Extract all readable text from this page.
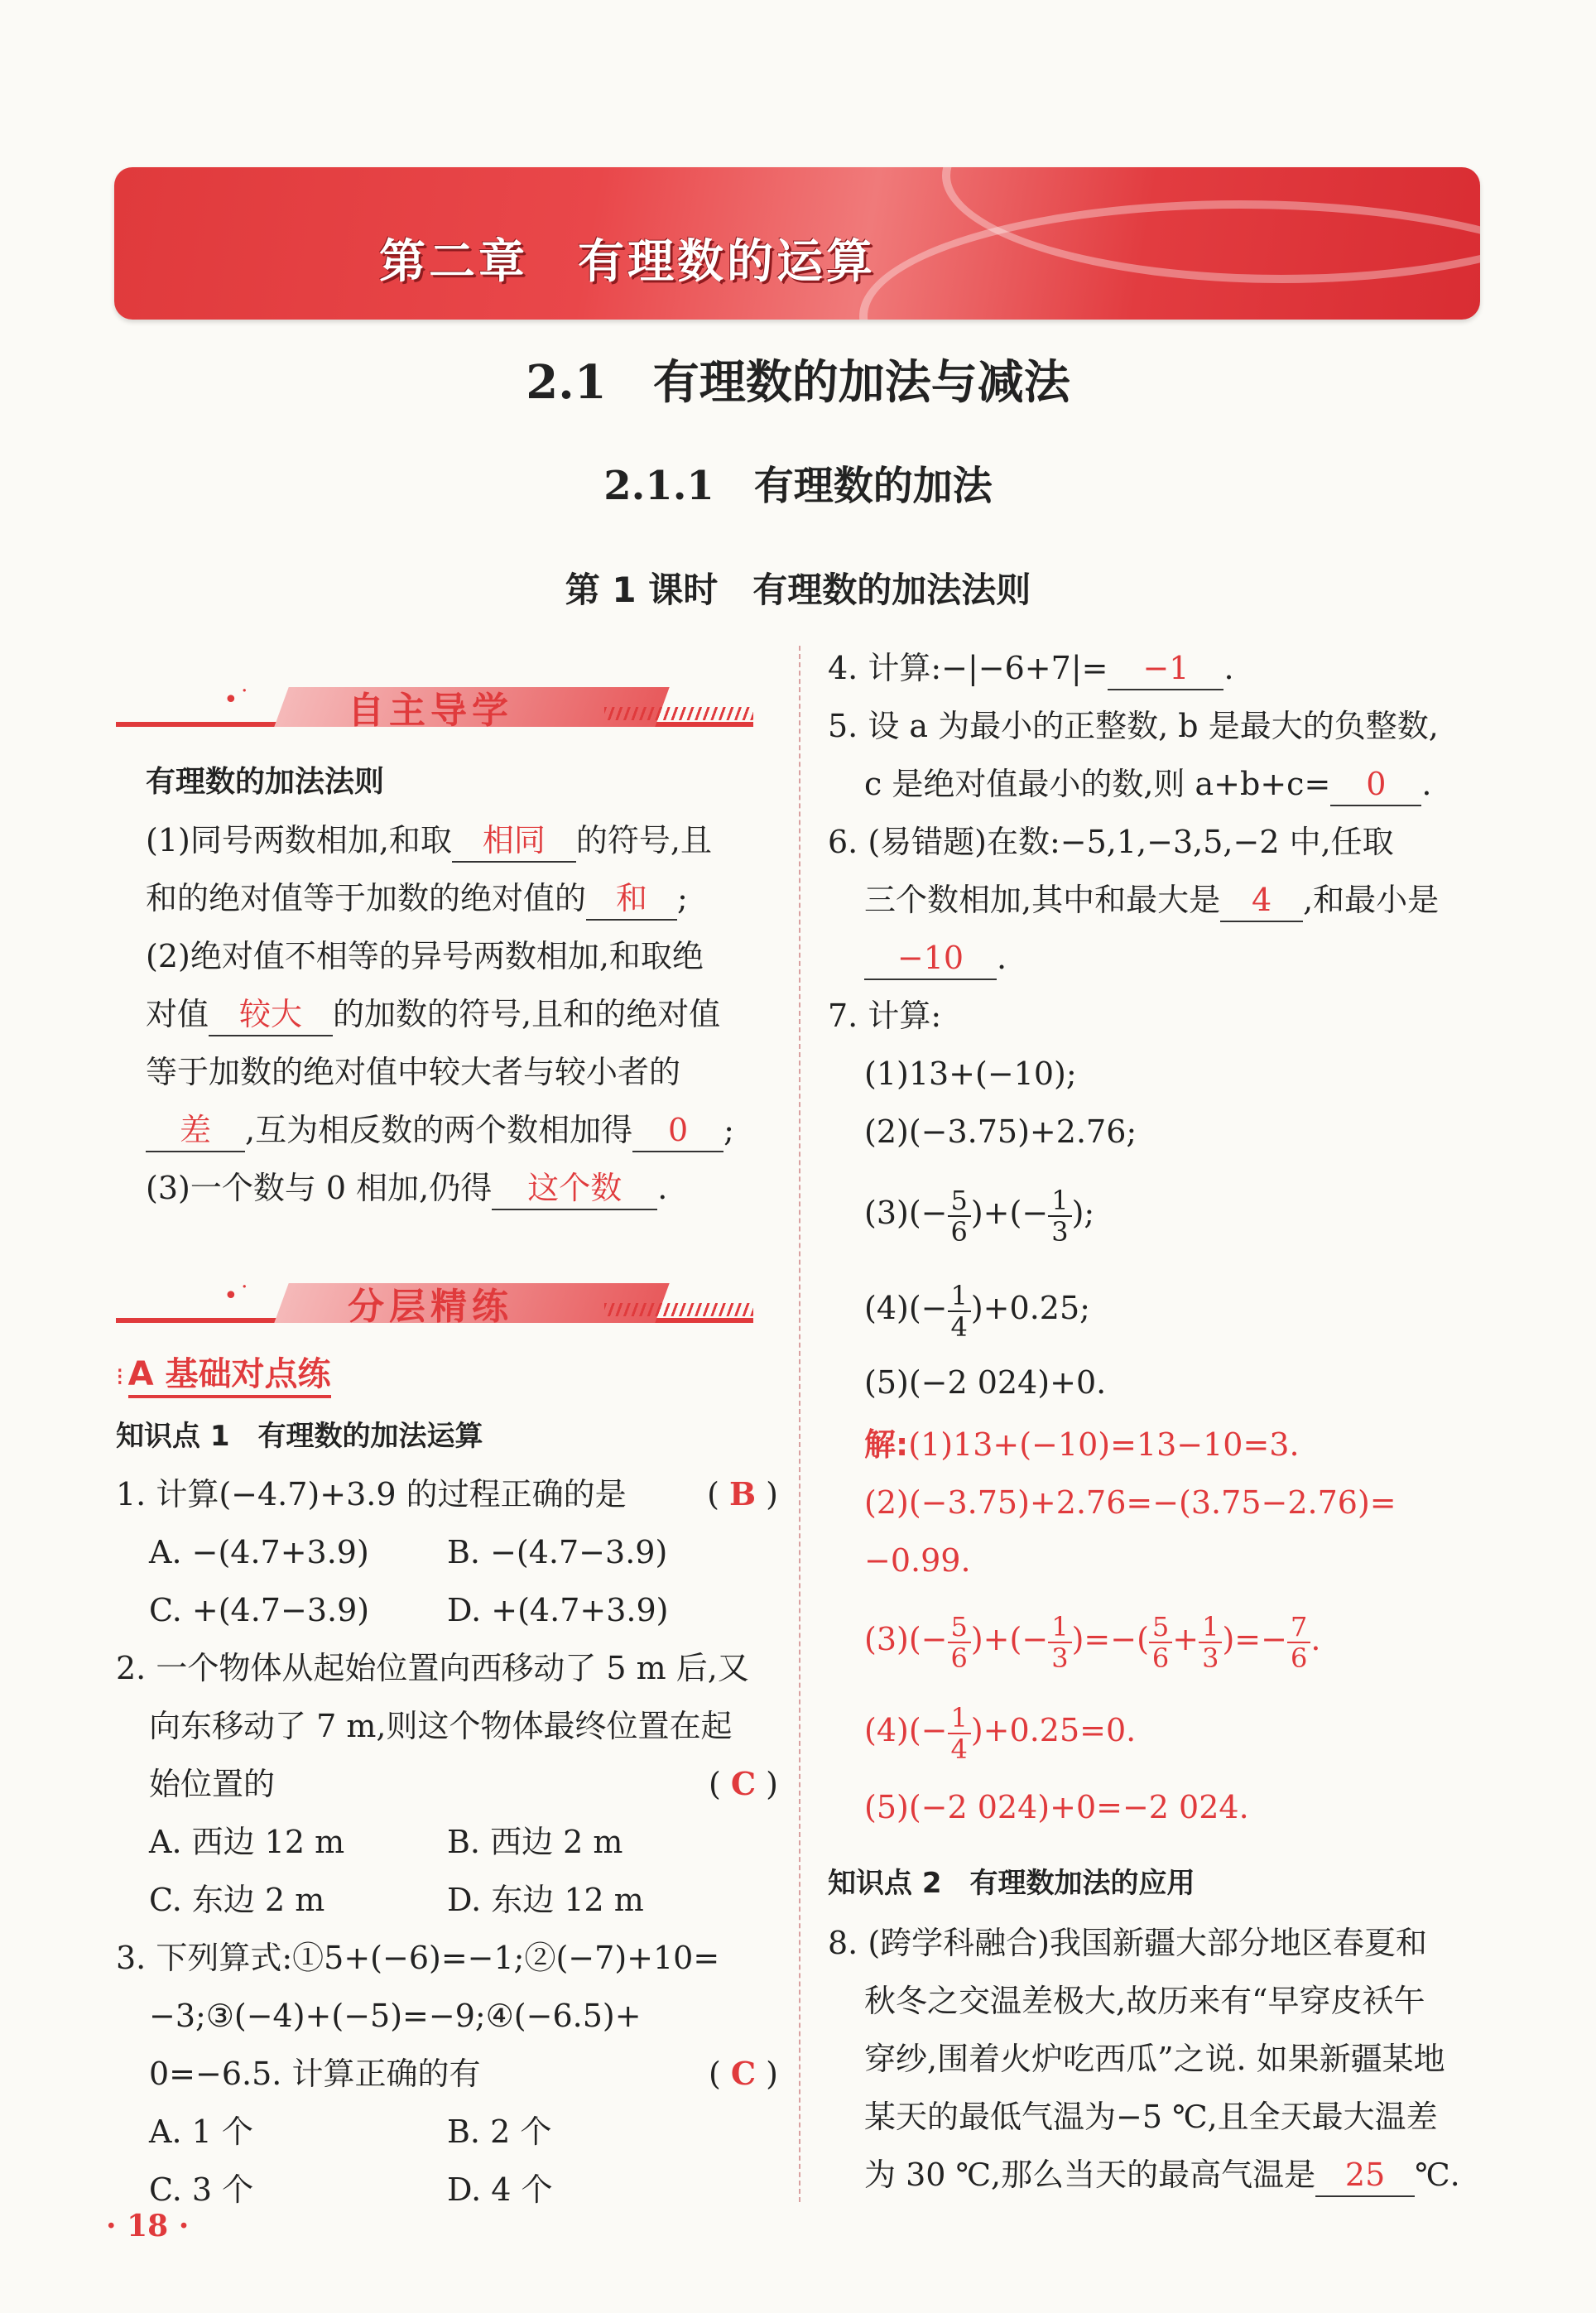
第二章　有理数的运算
2.1　有理数的加法与减法
2.1.1　有理数的加法
第 1 课时　有理数的加法法则
•˙	自主导学
有理数的加法法则
(1)同号两数相加,和取 相同 的符号,且
和的绝对值等于加数的绝对值的 和 ;
(2)绝对值不相等的异号两数相加,和取绝
对值 较大 的加数的符号,且和的绝对值
等于加数的绝对值中较大者与较小者的
差 ,互为相反数的两个数相加得 0 ;
(3)一个数与 0 相加,仍得 这个数 .
•˙	分层精练
⁝ A 基础对点练
知识点 1　有理数的加法运算
1. 计算(−4.7)+3.9 的过程正确的是	( B )
A. −(4.7+3.9) B. −(4.7−3.9)
C. +(4.7−3.9) D. +(4.7+3.9)
2. 一个物体从起始位置向西移动了 5 m 后,又
向东移动了 7 m,则这个物体最终位置在起
始位置的	( C )
A. 西边 12 m	B. 西边 2 m
C. 东边 2 m	D. 东边 12 m
3. 下列算式:①5+(−6)=−1;②(−7)+10=
−3;③(−4)+(−5)=−9;④(−6.5)+
0=−6.5. 计算正确的有	( C )
A. 1 个	B. 2 个
C. 3 个	D. 4 个
4. 计算:−|−6+7|= −1 .
5. 设 a 为最小的正整数, b 是最大的负整数,
c 是绝对值最小的数,则 a+b+c= 0 .
6. (易错题)在数:−5,1,−3,5,−2 中,任取
三个数相加,其中和最大是 4 ,和最小是
−10 .
7. 计算:
(1)13+(−10);
(2)(−3.75)+2.76;
$(3)(- \frac{5}{6}$ )+(− $\frac{1}{3}$ );
$(4)(- \frac{1}{4} )+0.25$;
(5)(−2 024)+0.
解:(1)13+(−10)=13−10=3.
(2)(−3.75)+2.76=−(3.75−2.76)=
−0.99.
$(3)(- \frac{5}{6}$ )+(− $\frac{1}{3}$ )=−( $\frac{5}{6} + \frac{1}{3}$ )=− $\frac{7}{6}$ .
$(4)(- \frac{1}{4} )+0.25=0$.
(5)(−2 024)+0=−2 024.
知识点 2　有理数加法的应用
8. (跨学科融合)我国新疆大部分地区春夏和
秋冬之交温差极大,故历来有“早穿皮袄午
穿纱,围着火炉吃西瓜”之说. 如果新疆某地
某天的最低气温为−5 ℃,且全天最大温差
为 30 ℃,那么当天的最高气温是 25 ℃.
· 18 ·
